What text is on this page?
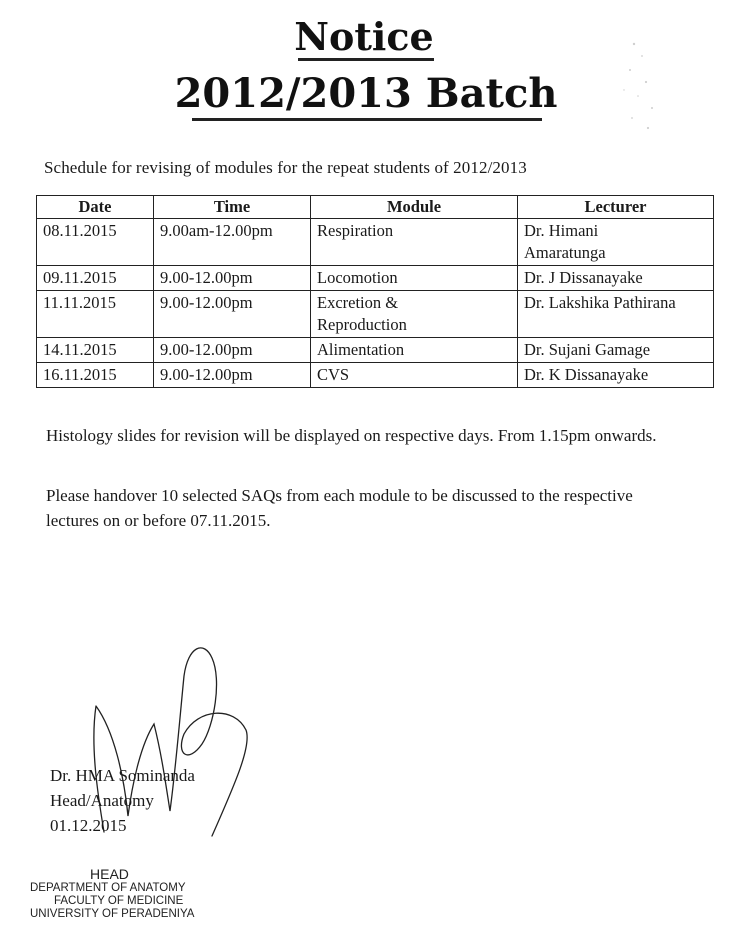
Notice
2012/2013 Batch
Schedule for revising of modules for the repeat students of 2012/2013
Date	Time	Module	Lecturer
08.11.2015	9.00am-12.00pm	Respiration	Dr. Himani Amaratunga
09.11.2015	9.00-12.00pm	Locomotion	Dr. J Dissanayake
11.11.2015	9.00-12.00pm	Excretion & Reproduction	Dr. Lakshika Pathirana
14.11.2015	9.00-12.00pm	Alimentation	Dr. Sujani Gamage
16.11.2015	9.00-12.00pm	CVS	Dr. K Dissanayake
Histology slides for revision will be displayed on respective days. From 1.15pm onwards.
Please handover 10 selected SAQs from each module to be discussed to the respective lectures on or before 07.11.2015.
Dr. HMA Sominanda
Head/Anatomy
01.12.2015
HEAD
DEPARTMENT OF ANATOMY
FACULTY OF MEDICINE
UNIVERSITY OF PERADENIYA
